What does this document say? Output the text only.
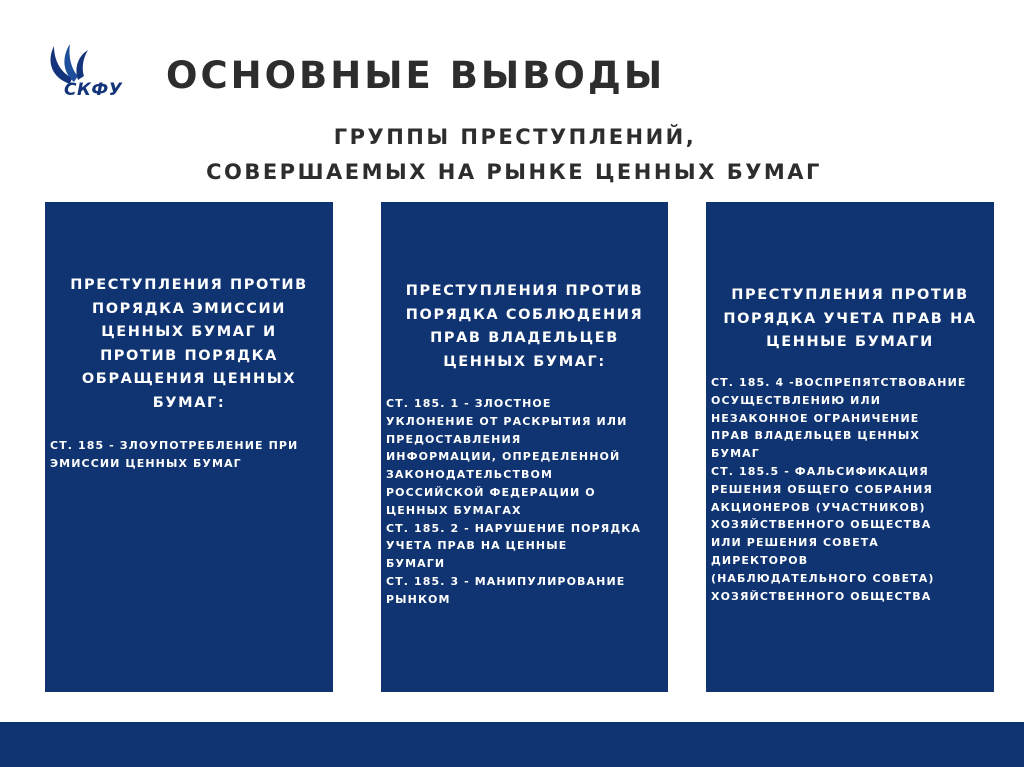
СКФУ ОСНОВНЫЕ ВЫВОДЫ
ГРУППЫ ПРЕСТУПЛЕНИЙ,
СОВЕРШАЕМЫХ НА РЫНКЕ ЦЕННЫХ БУМАГ
ПРЕСТУПЛЕНИЯ ПРОТИВ
ПОРЯДКА ЭМИССИИ
ЦЕННЫХ БУМАГ И
ПРОТИВ ПОРЯДКА
ОБРАЩЕНИЯ ЦЕННЫХ
БУМАГ:

СТ. 185 - ЗЛОУПОТРЕБЛЕНИЕ ПРИ

ЭМИССИИ ЦЕННЫХ БУМАГ

ПРЕСТУПЛЕНИЯ ПРОТИВ
ПОРЯДКА СОБЛЮДЕНИЯ
ПРАВ ВЛАДЕЛЬЦЕВ
ЦЕННЫХ БУМАГ:

СТ. 185. 1 - ЗЛОСТНОЕ

УКЛОНЕНИЕ ОТ РАСКРЫТИЯ ИЛИ

ПРЕДОСТАВЛЕНИЯ

ИНФОРМАЦИИ, ОПРЕДЕЛЕННОЙ

ЗАКОНОДАТЕЛЬСТВОМ

РОССИЙСКОЙ ФЕДЕРАЦИИ О

ЦЕННЫХ БУМАГАХ

СТ. 185. 2 - НАРУШЕНИЕ ПОРЯДКА

УЧЕТА ПРАВ НА ЦЕННЫЕ

БУМАГИ

СТ. 185. 3 - МАНИПУЛИРОВАНИЕ

РЫНКОМ

ПРЕСТУПЛЕНИЯ ПРОТИВ
ПОРЯДКА УЧЕТА ПРАВ НА
ЦЕННЫЕ БУМАГИ

СТ. 185. 4 -ВОСПРЕПЯТСТВОВАНИЕ

ОСУЩЕСТВЛЕНИЮ ИЛИ

НЕЗАКОННОЕ ОГРАНИЧЕНИЕ

ПРАВ ВЛАДЕЛЬЦЕВ ЦЕННЫХ

БУМАГ

СТ. 185.5 - ФАЛЬСИФИКАЦИЯ

РЕШЕНИЯ ОБЩЕГО СОБРАНИЯ

АКЦИОНЕРОВ (УЧАСТНИКОВ)

ХОЗЯЙСТВЕННОГО ОБЩЕСТВА

ИЛИ РЕШЕНИЯ СОВЕТА

ДИРЕКТОРОВ

(НАБЛЮДАТЕЛЬНОГО СОВЕТА)

ХОЗЯЙСТВЕННОГО ОБЩЕСТВА
